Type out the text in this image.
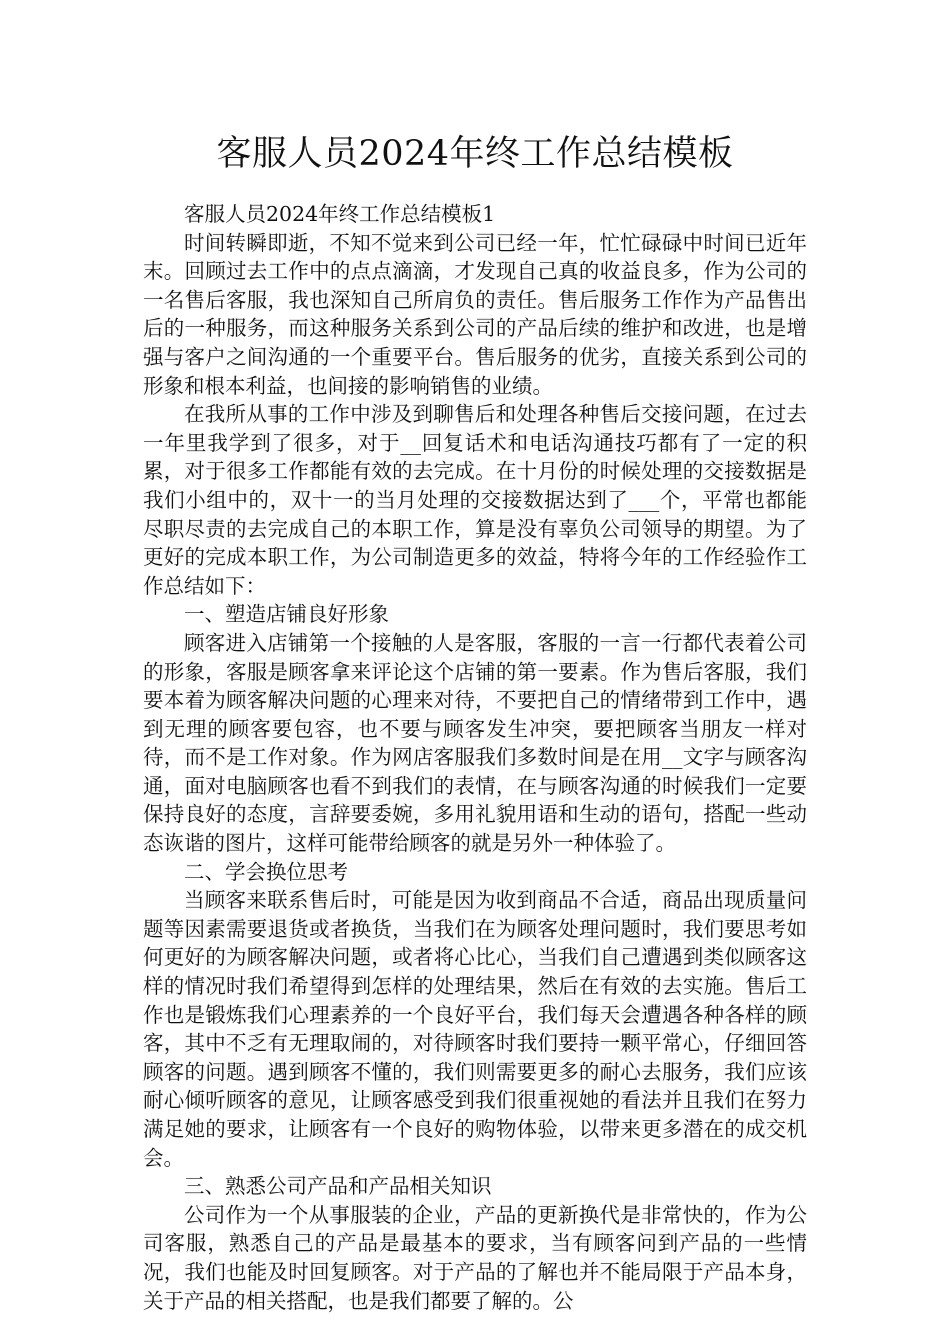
客服人员2024年终工作总结模板

客服人员2024年终工作总结模板1

时间转瞬即逝，不知不觉来到公司已经一年，忙忙碌碌中时间已近年末。回顾过去工作中的点点滴滴，才发现自己真的收益良多，作为公司的一名售后客服，我也深知自己所肩负的责任。售后服务工作作为产品售出后的一种服务，而这种服务关系到公司的产品后续的维护和改进，也是增强与客户之间沟通的一个重要平台。售后服务的优劣，直接关系到公司的形象和根本利益，也间接的影响销售的业绩。

在我所从事的工作中涉及到聊售后和处理各种售后交接问题，在过去一年里我学到了很多，对于__回复话术和电话沟通技巧都有了一定的积累，对于很多工作都能有效的去完成。在十月份的时候处理的交接数据是我们小组中的，双十一的当月处理的交接数据达到了___个，平常也都能尽职尽责的去完成自己的本职工作，算是没有辜负公司领导的期望。为了更好的完成本职工作，为公司制造更多的效益，特将今年的工作经验作工作总结如下：

一、塑造店铺良好形象

顾客进入店铺第一个接触的人是客服，客服的一言一行都代表着公司的形象，客服是顾客拿来评论这个店铺的第一要素。作为售后客服，我们要本着为顾客解决问题的心理来对待，不要把自己的情绪带到工作中，遇到无理的顾客要包容，也不要与顾客发生冲突，要把顾客当朋友一样对待，而不是工作对象。作为网店客服我们多数时间是在用__文字与顾客沟通，面对电脑顾客也看不到我们的表情，在与顾客沟通的时候我们一定要保持良好的态度，言辞要委婉，多用礼貌用语和生动的语句，搭配一些动态诙谐的图片，这样可能带给顾客的就是另外一种体验了。

二、学会换位思考

当顾客来联系售后时，可能是因为收到商品不合适，商品出现质量问题等因素需要退货或者换货，当我们在为顾客处理问题时，我们要思考如何更好的为顾客解决问题，或者将心比心，当我们自己遭遇到类似顾客这样的情况时我们希望得到怎样的处理结果，然后在有效的去实施。售后工作也是锻炼我们心理素养的一个良好平台，我们每天会遭遇各种各样的顾客，其中不乏有无理取闹的，对待顾客时我们要持一颗平常心，仔细回答顾客的问题。遇到顾客不懂的，我们则需要更多的耐心去服务，我们应该耐心倾听顾客的意见，让顾客感受到我们很重视她的看法并且我们在努力满足她的要求，让顾客有一个良好的购物体验，以带来更多潜在的成交机会。

三、熟悉公司产品和产品相关知识

公司作为一个从事服装的企业，产品的更新换代是非常快的，作为公司客服，熟悉自己的产品是最基本的要求，当有顾客问到产品的一些情况，我们也能及时回复顾客。对于产品的了解也并不能局限于产品本身，关于产品的相关搭配，也是我们都要了解的。公
